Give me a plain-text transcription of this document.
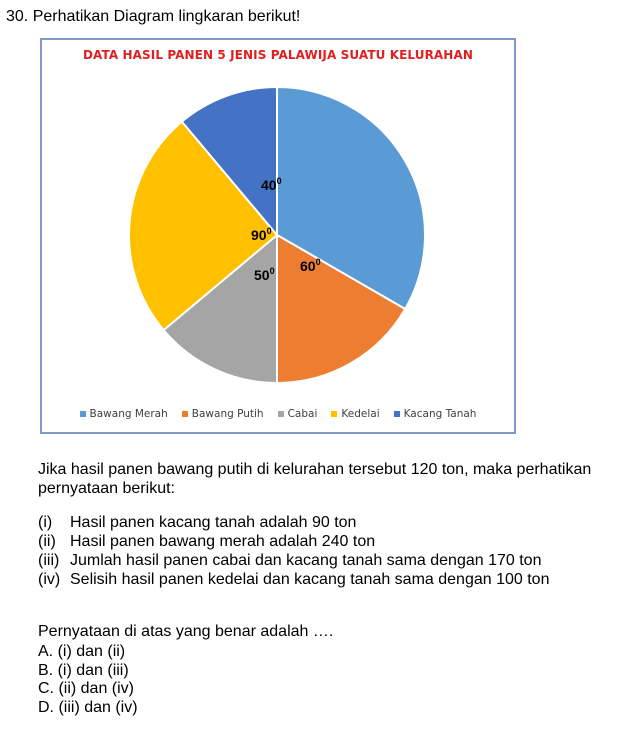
30. Perhatikan Diagram lingkaran berikut!
DATA HASIL PANEN 5 JENIS PALAWIJA SUATU KELURAHAN
$60^0$
$50^0$
$90^0$
$40^0$
Bawang Merah Bawang Putih Cabai Kedelai Kacang Tanah
Jika hasil panen bawang putih di kelurahan tersebut 120 ton, maka perhatikan pernyataan berikut:
(i)	Hasil panen kacang tanah adalah 90 ton
(ii) Hasil panen bawang merah adalah 240 ton
(iii) Jumlah hasil panen cabai dan kacang tanah sama dengan 170 ton
(iv) Selisih hasil panen kedelai dan kacang tanah sama dengan 100 ton
Pernyataan di atas yang benar adalah ….
A. (i) dan (ii)
B. (i) dan (iii)
C. (ii) dan (iv)
D. (iii) dan (iv)
